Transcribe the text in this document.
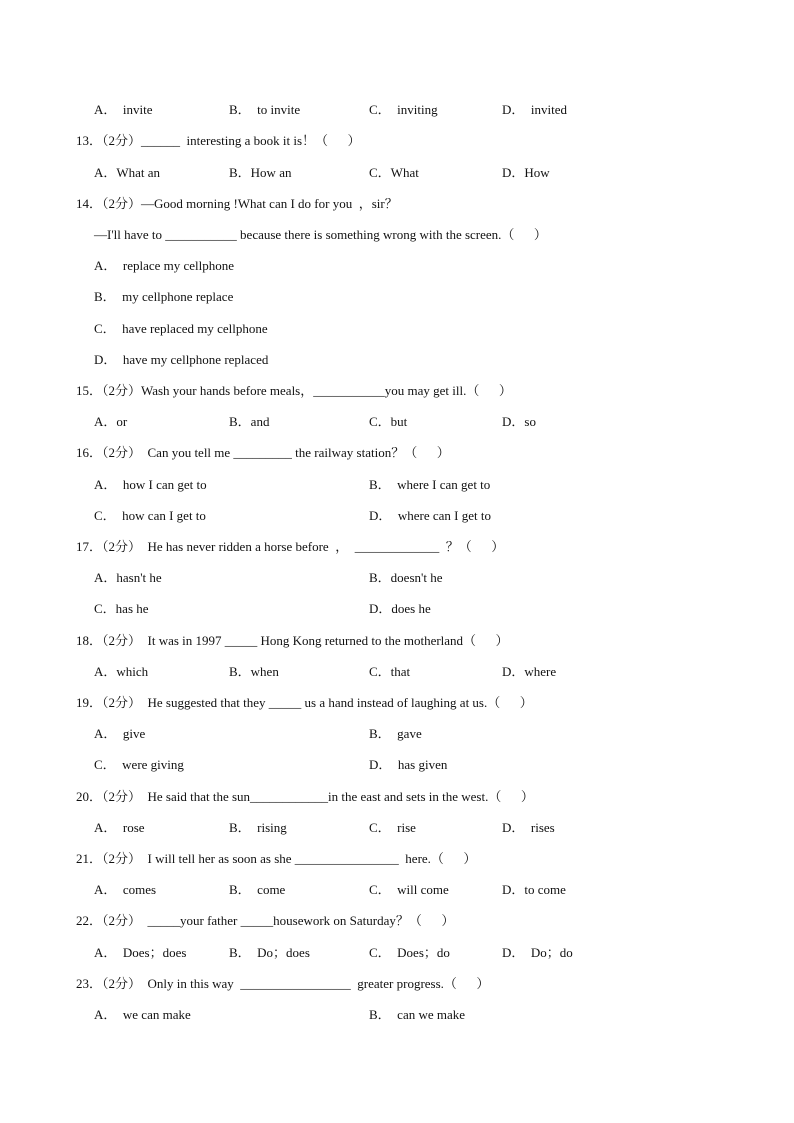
A．  invite	B．  to invite	C．  inviting	D．  invited
13．（2分）______  interesting a book it is！（      ）
A．What an	B．How an	C．What	D．How
14．（2分）—Good morning !What can I do for you  ，sir？
—I'll have to ___________ because there is something wrong with the screen.（      ）
A．  replace my cellphone
B．  my cellphone replace
C．  have replaced my cellphone
D．  have my cellphone replaced
15．（2分）Wash your hands before meals，___________you may get ill.（      ）
A．or	B．and	C．but	D．so
16．（2分）  Can you tell me _________ the railway station？（      ）
A．  how I can get to	B．  where I can get to
C．  how can I get to	D．  where can I get to
17．（2分）  He has never ridden a horse before  ，  _____________  ？（      ）
A．hasn't he	B．doesn't he
C．has he	D．does he
18．（2分）  It was in 1997 _____ Hong Kong returned to the motherland（      ）
A．which	B．when	C．that	D．where
19．（2分）  He suggested that they _____ us a hand instead of laughing at us.（      ）
A．  give	B．  gave
C．  were giving	D．  has given
20．（2分）  He said that the sun____________in the east and sets in the west.（      ）
A．  rose	B．  rising	C．  rise	D．  rises
21．（2分）  I will tell her as soon as she ________________  here.（      ）
A．  comes	B．  come	C．  will come	D．to come
22．（2分）  _____your father _____housework on Saturday？（      ）
A．  Does；does	B．  Do；does	C．  Does；do	D．  Do；do
23．（2分）  Only in this way  _________________  greater progress.（      ）
A．  we can make	B．  can we make
